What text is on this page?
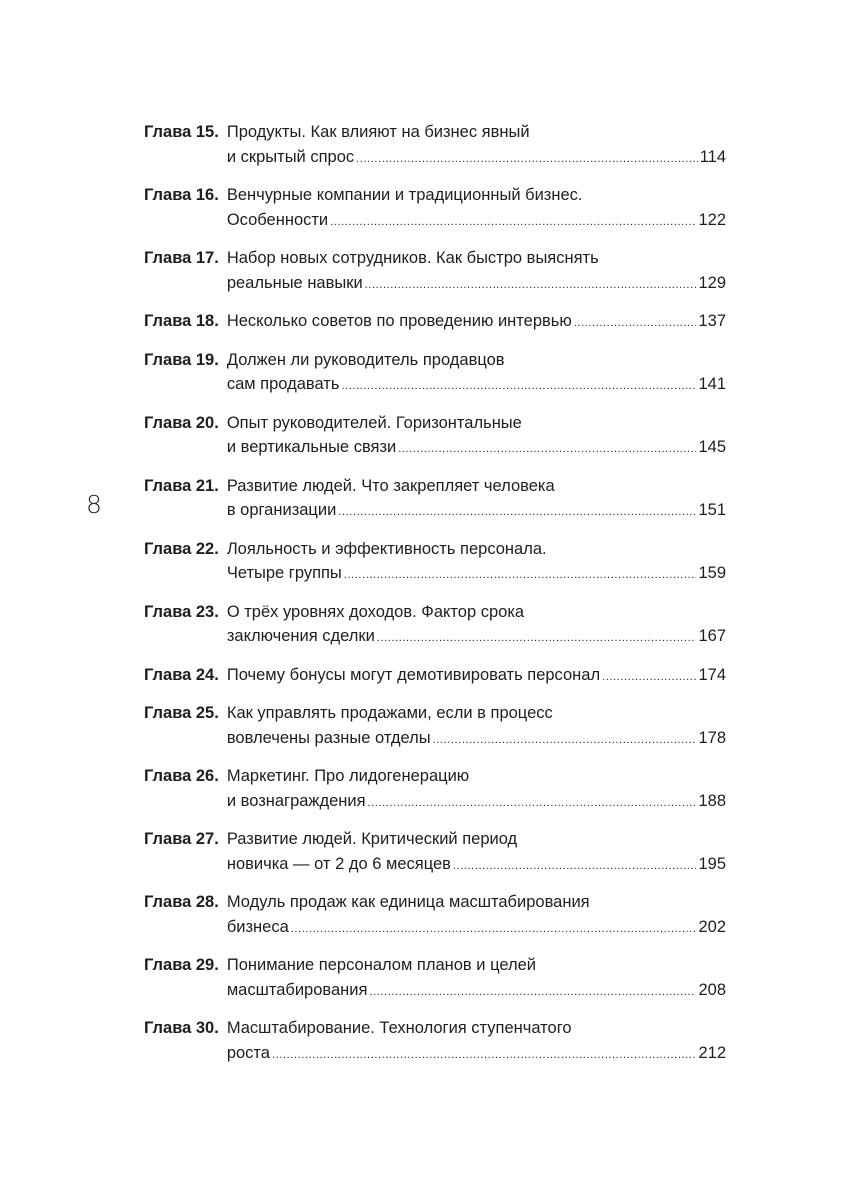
8
Глава 15. Продукты. Как влияют на бизнес явный
и скрытый спрос .....	114
Глава 16. Венчурные компании и традиционный бизнес.
Особенности .....	122
Глава 17. Набор новых сотрудников. Как быстро выяснять
реальные навыки .....	129
Глава 18. Несколько советов по проведению интервью .....	137
Глава 19. Должен ли руководитель продавцов
сам продавать .....	141
Глава 20. Опыт руководителей. Горизонтальные
и вертикальные связи .....	145
Глава 21. Развитие людей. Что закрепляет человека
в организации .....	151
Глава 22. Лояльность и эффективность персонала.
Четыре группы .....	159
Глава 23. О трёх уровнях доходов. Фактор срока
заключения сделки .....	167
Глава 24. Почему бонусы могут демотивировать персонал .....	174
Глава 25. Как управлять продажами, если в процесс
вовлечены разные отделы .....	178
Глава 26. Маркетинг. Про лидогенерацию
и вознаграждения .....	188
Глава 27. Развитие людей. Критический период
новичка — от 2 до 6 месяцев .....	195
Глава 28. Модуль продаж как единица масштабирования
бизнеса .....	202
Глава 29. Понимание персоналом планов и целей
масштабирования .....	208
Глава 30. Масштабирование. Технология ступенчатого
роста .....	212
